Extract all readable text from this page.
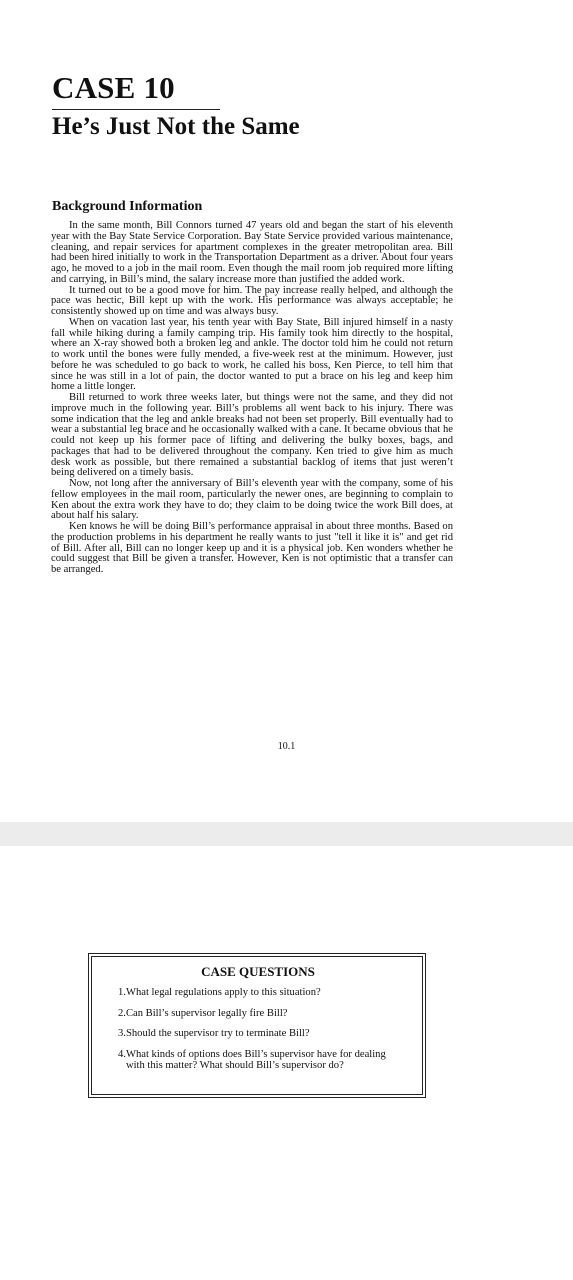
CASE 10
He’s Just Not the Same
Background Information

In the same month, Bill Connors turned 47 years old and began the start of his eleventh year with the Bay State Service Corporation. Bay State Service provided various maintenance, cleaning, and repair services for apartment complexes in the greater metropolitan area. Bill had been hired initially to work in the Transportation Department as a driver. About four years ago, he moved to a job in the mail room. Even though the mail room job required more lifting and carrying, in Bill’s mind, the salary increase more than justified the added work.

It turned out to be a good move for him. The pay increase really helped, and although the pace was hectic, Bill kept up with the work. His performance was always acceptable; he consistently showed up on time and was always busy.

When on vacation last year, his tenth year with Bay State, Bill injured himself in a nasty fall while hiking during a family camping trip. His family took him directly to the hospital, where an X-ray showed both a broken leg and ankle. The doctor told him he could not return to work until the bones were fully mended, a five-week rest at the minimum. However, just before he was scheduled to go back to work, he called his boss, Ken Pierce, to tell him that since he was still in a lot of pain, the doctor wanted to put a brace on his leg and keep him home a little longer.

Bill returned to work three weeks later, but things were not the same, and they did not improve much in the following year. Bill’s problems all went back to his injury. There was some indication that the leg and ankle breaks had not been set properly. Bill eventually had to wear a substantial leg brace and he occasionally walked with a cane. It became obvious that he could not keep up his former pace of lifting and delivering the bulky boxes, bags, and packages that had to be delivered throughout the company. Ken tried to give him as much desk work as possible, but there remained a substantial backlog of items that just weren’t being delivered on a timely basis.

Now, not long after the anniversary of Bill’s eleventh year with the company, some of his fellow employees in the mail room, particularly the newer ones, are beginning to complain to Ken about the extra work they have to do; they claim to be doing twice the work Bill does, at about half his salary.

Ken knows he will be doing Bill’s performance appraisal in about three months. Based on the production problems in his department he really wants to just "tell it like it is" and get rid of Bill. After all, Bill can no longer keep up and it is a physical job. Ken wonders whether he could suggest that Bill be given a transfer. However, Ken is not optimistic that a transfer can be arranged.

10.1
CASE QUESTIONS
1. What legal regulations apply to this situation?
2. Can Bill’s supervisor legally fire Bill?
3. Should the supervisor try to terminate Bill?
4. What kinds of options does Bill’s supervisor have for dealing with this matter? What should Bill’s supervisor do?
